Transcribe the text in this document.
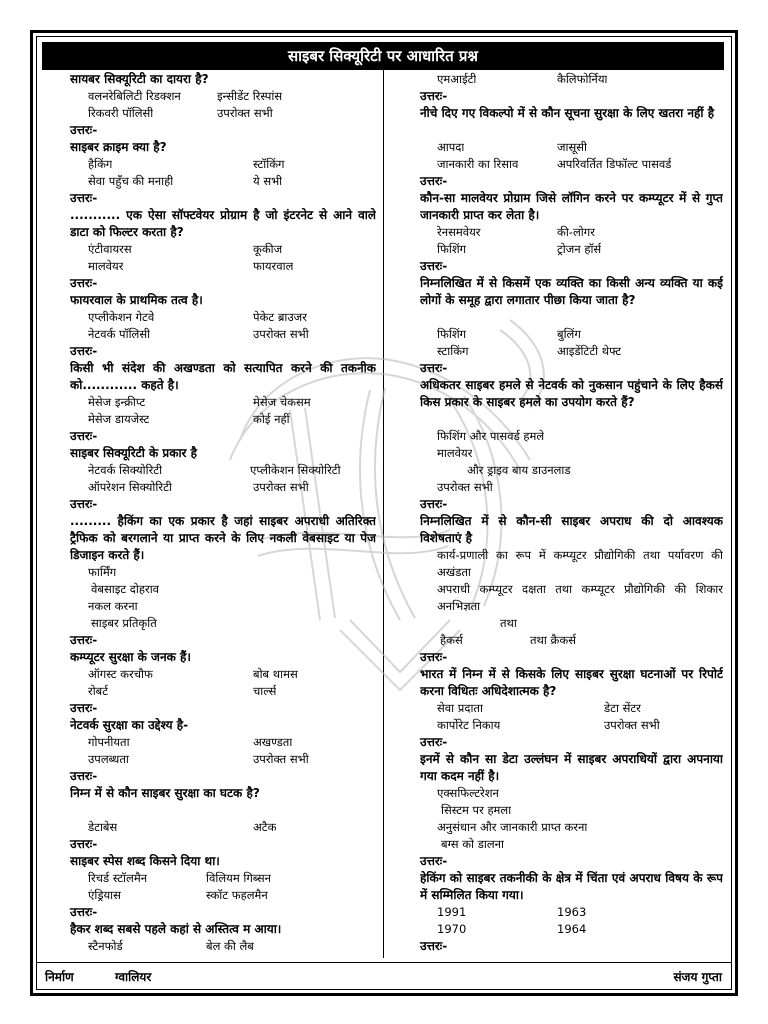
साइबर सिक्यूरिटी पर आधारित प्रश्न
सायबर सिक्यूरिटी का दायरा है?
वलनरेबिलिटी रिडक्शन	इन्सीडेंट रिस्पांस
रिकवरी पॉलिसी	उपरोक्त सभी
उत्तरः-
साइबर क्राइम क्या है?
हैकिंग	स्टॉकिंग
सेवा पहुँच की मनाही	ये सभी
उत्तरः-
........... एक ऐसा सॉफ्टवेयर प्रोग्राम है जो इंटरनेट से आने वाले डाटा को फिल्टर करता है?
एंटीवायरस	कूकीज
मालवेयर	फायरवाल
उत्तरः-
फायरवाल के प्राथमिक तत्व है।
एप्लीकेशन गेटवे	पेकेट ब्राउजर
नेटवर्क पॉलिसी	उपरोक्त सभी
उत्तरः-
किसी भी संदेश की अखण्डता को सत्यापित करने की तकनीक को............ कहते है।
मेसेज इन्क्रीप्ट	मेसेज चेकसम
मेसेज डायजेस्ट	कोई नहीं
उत्तरः-
साइबर सिक्यूरिटी के प्रकार है
नेटवर्क सिक्योरिटी	एप्लीकेशन सिक्योरिटी
ऑपरेशन सिक्योरिटी	उपरोक्त सभी
उत्तरः-
......... हैकिंग का एक प्रकार है जहां साइबर अपराधी अतिरिक्त ट्रैफिक को बरगलाने या प्राप्त करने के लिए नकली वेबसाइट या पेज डिजाइन करते हैं।
फार्मिंग
वेबसाइट दोहराव
नकल करना
साइबर प्रतिकृति
उत्तरः-
कम्प्यूटर सुरक्षा के जनक हैं।
ऑगस्ट करचौफ	बोब थामस
रोबर्ट	चार्ल्स
उत्तरः-
नेटवर्क सुरक्षा का उद्देश्य है-
गोपनीयता	अखण्डता
उपलब्धता	उपरोक्त सभी
उत्तरः-
निम्न में से कौन साइबर सुरक्षा का घटक है?
डेटाबेस	अटैक
उत्तरः-
साइबर स्पेस शब्द किसने दिया था।
रिचर्ड स्टॉलमैन	विलियम गिब्सन
एंड्रियास	स्कॉट फहलमैन
उत्तरः-
हैकर शब्द सबसे पहले कहां से अस्तित्व म आया।
स्टैनफोर्ड	बेल की लैब
एमआईटी	कैलिफोर्निया
उत्तरः-
नीचे दिए गए विकल्पो में से कौन सूचना सुरक्षा के लिए खतरा नहीं है
आपदा	जासूसी
जानकारी का रिसाव	अपरिवर्तित डिफॉल्ट पासवर्ड
उत्तरः-
कौन-सा मालवेयर प्रोग्राम जिसे लॉगिन करने पर कम्प्यूटर में से गुप्त जानकारी प्राप्त कर लेता है।
रेनसमवेयर	की-लोगर
फिशिंग	ट्रोजन हॉर्स
उत्तरः-
निम्नलिखित में से किसमें एक व्यक्ति का किसी अन्य व्यक्ति या कई लोगों के समूह द्वारा लगातार पीछा किया जाता है?
फिशिंग	बुलिंग
स्टाकिंग	आइडेंटिटी थेफ्ट
उत्तरः-
अधिकतर साइबर हमले से नेटवर्क को नुकसान पहुंचाने के लिए हैकर्स किस प्रकार के साइबर हमले का उपयोग करते हैं?
फिशिंग और पासवर्ड हमले
मालवेयर
और ड्राइव बाय डाउनलाड
उपरोक्त सभी
उत्तरः-
निम्नलिखित में से कौन-सी साइबर अपराध की दो आवश्यक विशेषताएं है
कार्य-प्रणाली का रूप में कम्प्यूटर प्रौद्योगिकी तथा पर्यावरण की अखंडता
अपराधी कम्प्यूटर दक्षता तथा कम्प्यूटर प्रौद्योगिकी की शिकार अनभिज्ञता
तथा
हैकर्स	तथा क्रैकर्स
उत्तरः-
भारत में निम्न में से किसके लिए साइबर सुरक्षा घटनाओं पर रिपोर्ट करना विधितः अधिदेशात्मक है?
सेवा प्रदाता	डेटा सेंटर
कार्पोरेट निकाय	उपरोक्त सभी
उत्तरः-
इनमें से कौन सा डेटा उल्लंघन में साइबर अपराधियों द्वारा अपनाया गया कदम नहीं है।
एक्सफिल्टरेशन
सिस्टम पर हमला
अनुसंधान और जानकारी प्राप्त करना
बग्स को डालना
उत्तरः-
हेकिंग को साइबर तकनीकी के क्षेत्र में चिंता एवं अपराध विषय के रूप में सम्मिलित किया गया।
1991	1963
1970	1964
उत्तरः-
निर्माण	ग्वालियर	संजय गुप्ता
